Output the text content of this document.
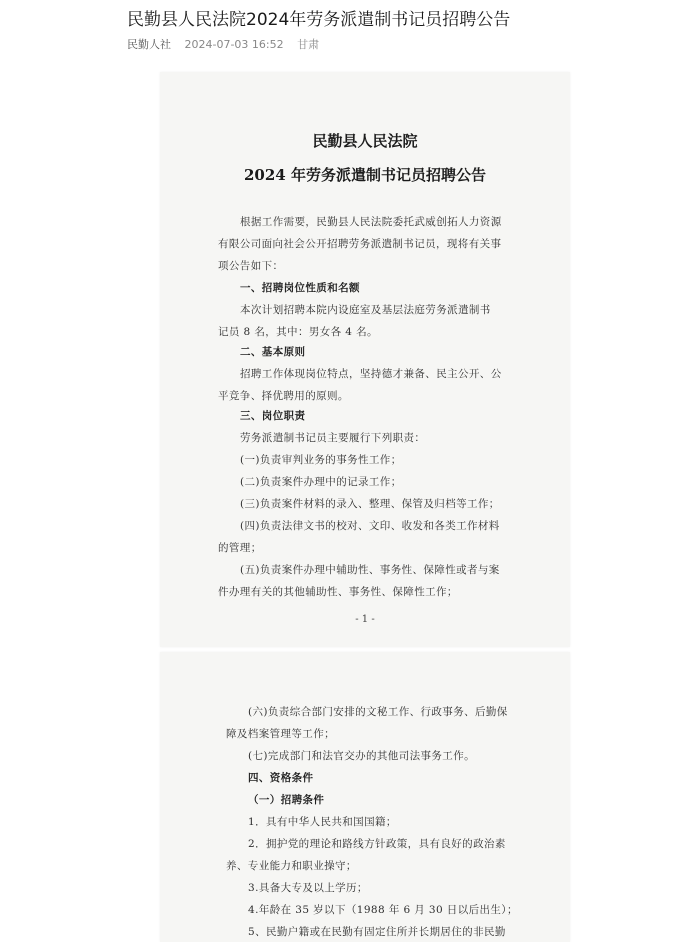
民勤县人民法院2024年劳务派遣制书记员招聘公告
民勤人社 2024-07-03 16:52 甘肃
民勤县人民法院
2024 年劳务派遣制书记员招聘公告
根据工作需要，民勤县人民法院委托武威创拓人力资源
有限公司面向社会公开招聘劳务派遣制书记员，现将有关事
项公告如下：
一、招聘岗位性质和名额
本次计划招聘本院内设庭室及基层法庭劳务派遣制书
记员 8 名，其中：男女各 4 名。
二、基本原则
招聘工作体现岗位特点，坚持德才兼备、民主公开、公
平竞争、择优聘用的原则。
三、岗位职责
劳务派遣制书记员主要履行下列职责：
(一)负责审判业务的事务性工作；
(二)负责案件办理中的记录工作；
(三)负责案件材料的录入、整理、保管及归档等工作；
(四)负责法律文书的校对、文印、收发和各类工作材料
的管理；
(五)负责案件办理中辅助性、事务性、保障性或者与案
件办理有关的其他辅助性、事务性、保障性工作；
- 1 -
(六)负责综合部门安排的文秘工作、行政事务、后勤保
障及档案管理等工作；
(七)完成部门和法官交办的其他司法事务工作。
四、资格条件
（一）招聘条件
1．具有中华人民共和国国籍；
2．拥护党的理论和路线方针政策，具有良好的政治素
养、专业能力和职业操守；
3.具备大专及以上学历；
4.年龄在 35 岁以下（1988 年 6 月 30 日以后出生）；
5、民勤户籍或在民勤有固定住所并长期居住的非民勤
